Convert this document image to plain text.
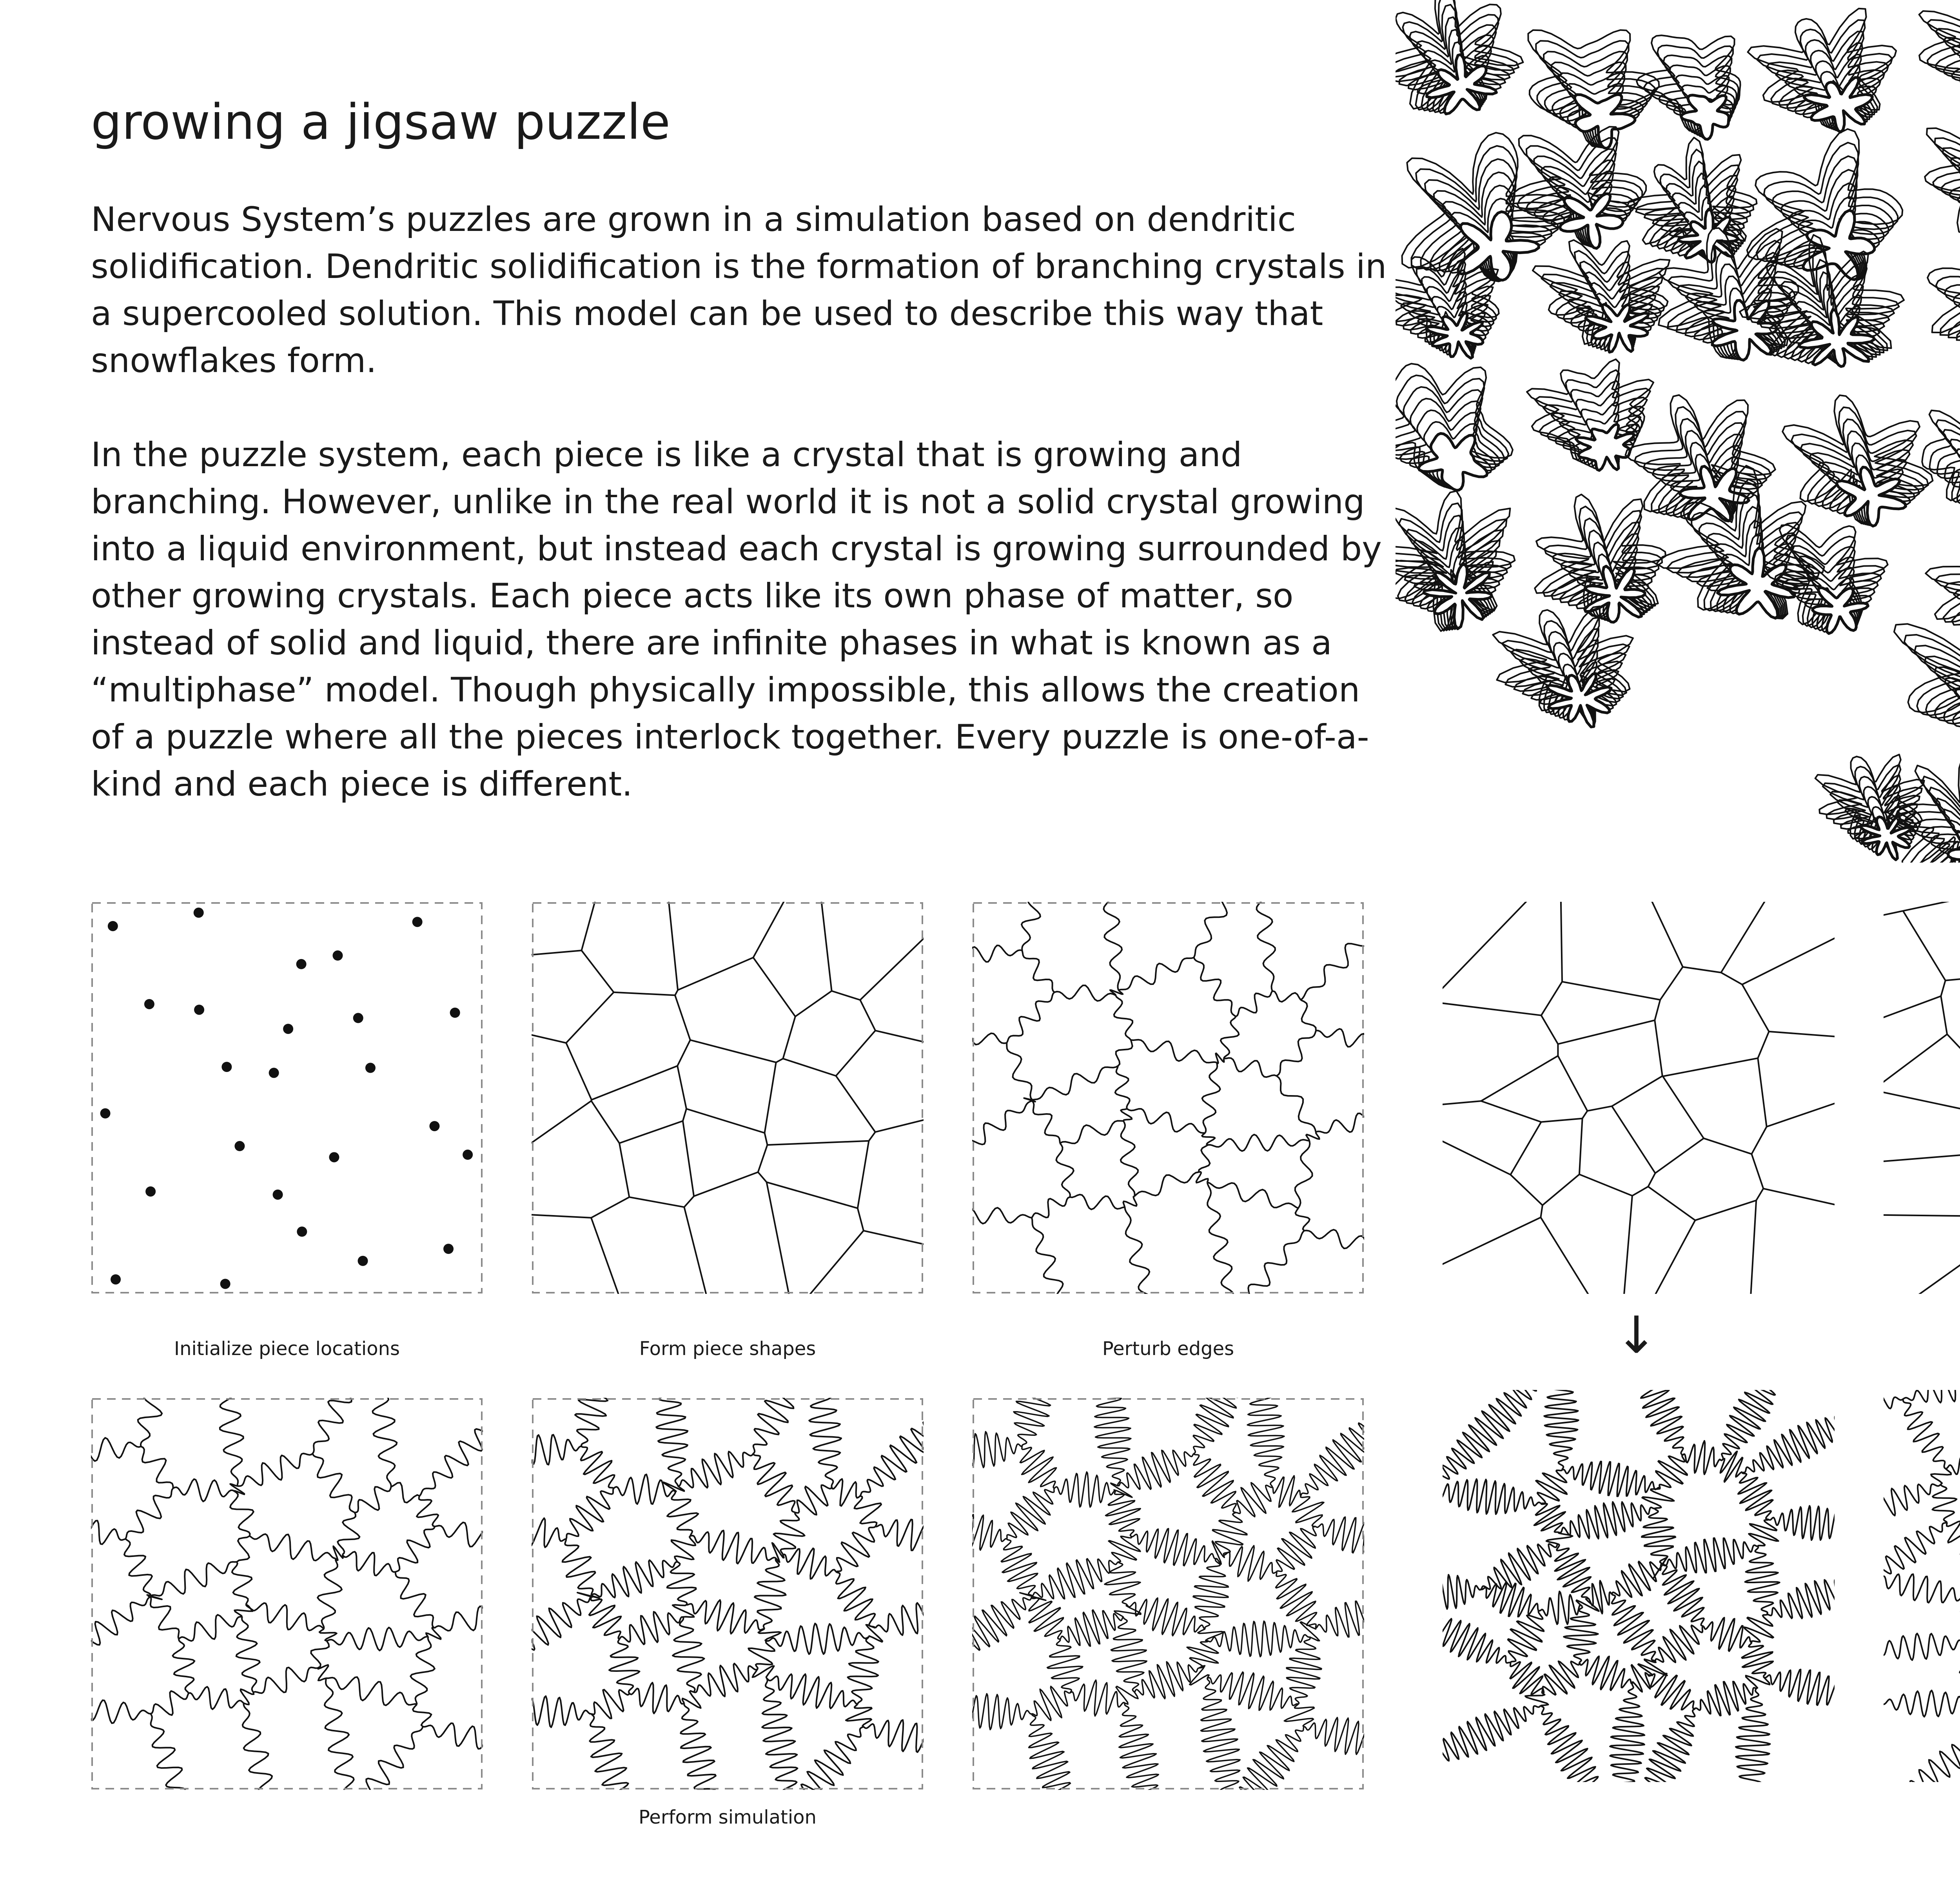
growing a jigsaw puzzle

Nervous System’s puzzles are grown in a simulation based on dendritic solidification. Dendritic solidification is the formation of branching crystals in a supercooled solution. This model can be used to describe this way that snowflakes form.

In the puzzle system, each piece is like a crystal that is growing and branching. However, unlike in the real world it is not a solid crystal growing into a liquid environment, but instead each crystal is growing surrounded by other growing crystals. Each piece acts like its own phase of matter, so instead of solid and liquid, there are infinite phases in what is known as a “multiphase” model. Though physically impossible, this allows the creation of a puzzle where all the pieces interlock together. Every puzzle is one-of-a-kind and each piece is different.

Initialize piece locations	Form piece shapes	Perturb edges

Perform simulation

↓
